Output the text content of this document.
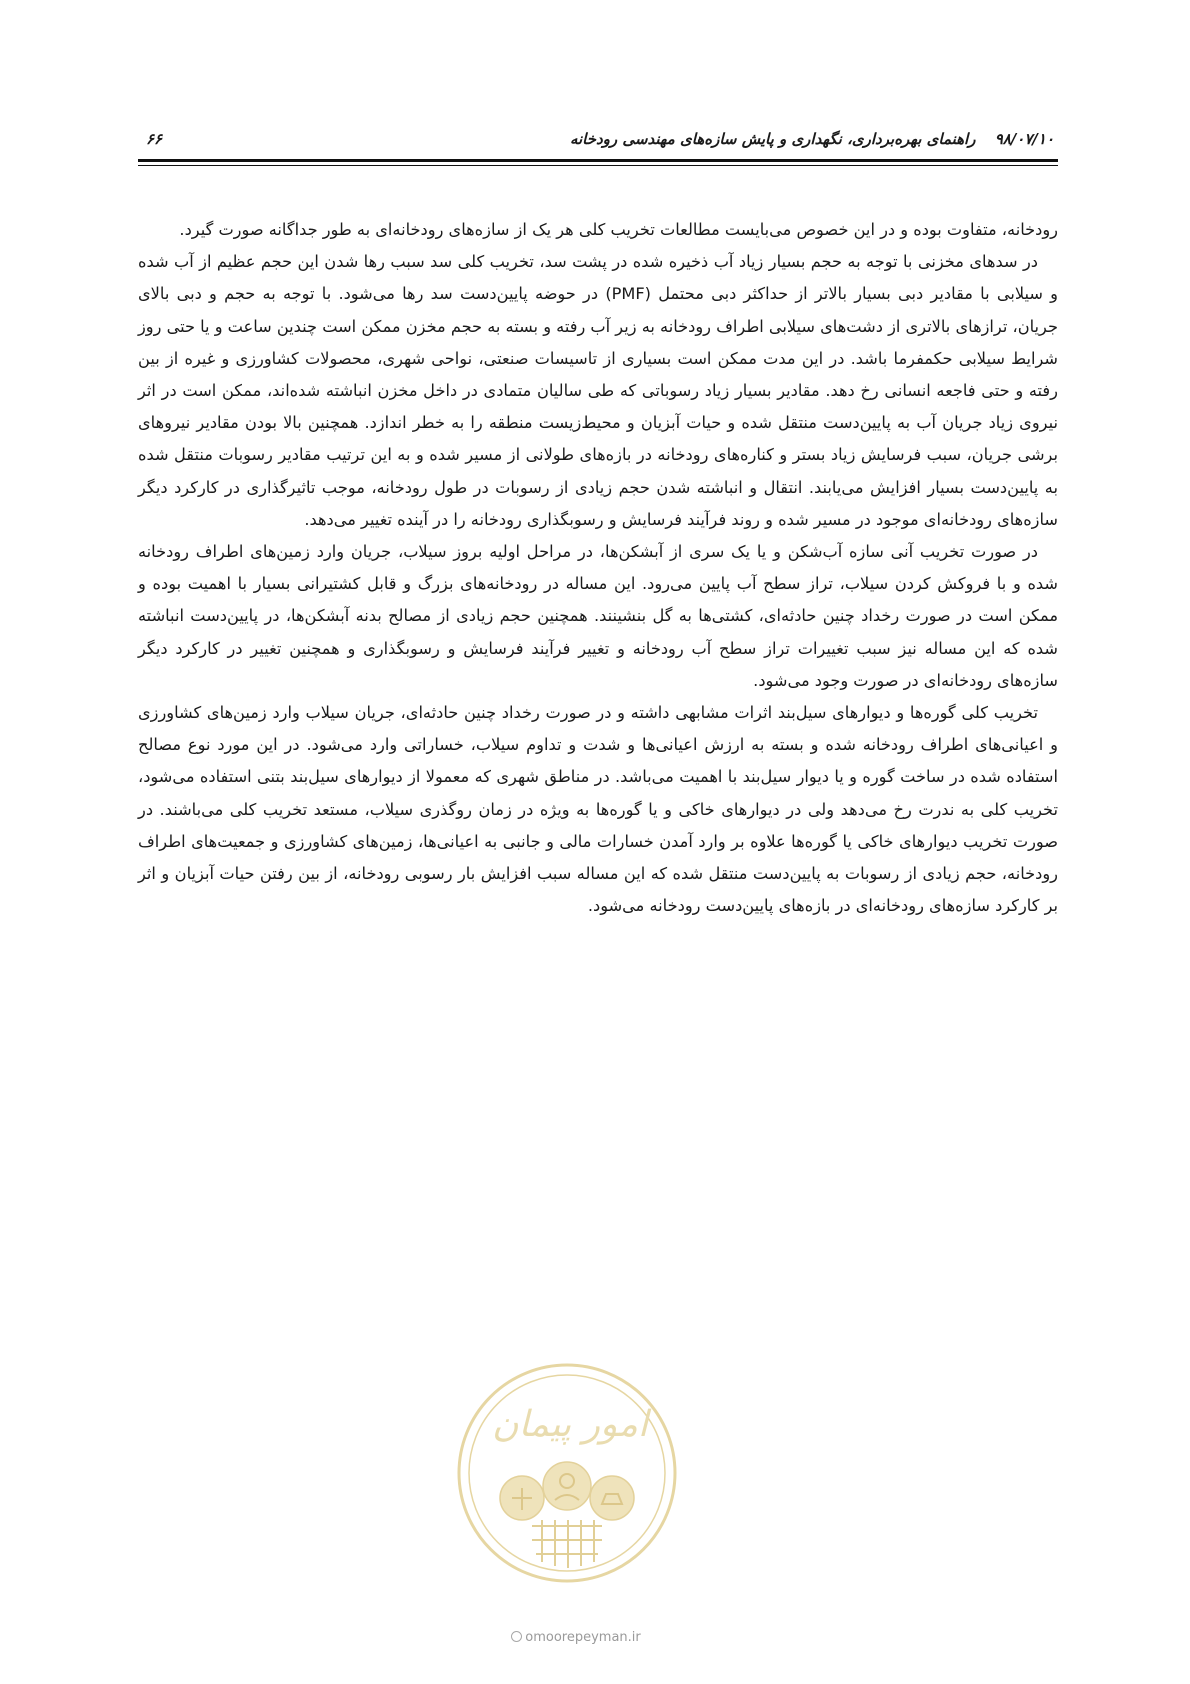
۶۶	۹۸/۰۷/۱۰ راهنمای بهره‌برداری، نگهداری و پایش سازه‌های مهندسی رودخانه

رودخانه، متفاوت بوده و در این خصوص می‌بایست مطالعات تخریب کلی هر یک از سازه‌های رودخانه‌ای به طور جداگانه صورت گیرد.

در سدهای مخزنی با توجه به حجم بسیار زیاد آب ذخیره شده در پشت سد، تخریب کلی سد سبب رها شدن این حجم عظیم از آب شده و سیلابی با مقادیر دبی بسیار بالاتر از حداکثر دبی محتمل (PMF) در حوضه پایین‌دست سد رها می‌شود. با توجه به حجم و دبی بالای جریان، ترازهای بالاتری از دشت‌های سیلابی اطراف رودخانه به زیر آب رفته و بسته به حجم مخزن ممکن است چندین ساعت و یا حتی روز شرایط سیلابی حکمفرما باشد. در این مدت ممکن است بسیاری از تاسیسات صنعتی، نواحی شهری، محصولات کشاورزی و غیره از بین رفته و حتی فاجعه انسانی رخ دهد. مقادیر بسیار زیاد رسوباتی که طی سالیان متمادی در داخل مخزن انباشته شده‌اند، ممکن است در اثر نیروی زیاد جریان آب به پایین‌دست منتقل شده و حیات آبزیان و محیط‌زیست منطقه را به خطر اندازد. همچنین بالا بودن مقادیر نیروهای برشی جریان، سبب فرسایش زیاد بستر و کناره‌های رودخانه در بازه‌های طولانی از مسیر شده و به این ترتیب مقادیر رسوبات منتقل شده به پایین‌دست بسیار افزایش می‌یابند. انتقال و انباشته شدن حجم زیادی از رسوبات در طول رودخانه، موجب تاثیرگذاری در کارکرد دیگر سازه‌های رودخانه‌ای موجود در مسیر شده و روند فرآیند فرسایش و رسوبگذاری رودخانه را در آینده تغییر می‌دهد.

در صورت تخریب آنی سازه آب‌شکن و یا یک سری از آبشکن‌ها، در مراحل اولیه بروز سیلاب، جریان وارد زمین‌های اطراف رودخانه شده و با فروکش کردن سیلاب، تراز سطح آب پایین می‌رود. این مساله در رودخانه‌های بزرگ و قابل کشتیرانی بسیار با اهمیت بوده و ممکن است در صورت رخداد چنین حادثه‌ای، کشتی‌ها به گل بنشینند. همچنین حجم زیادی از مصالح بدنه آبشکن‌ها، در پایین‌دست انباشته شده که این مساله نیز سبب تغییرات تراز سطح آب رودخانه و تغییر فرآیند فرسایش و رسوبگذاری و همچنین تغییر در کارکرد دیگر سازه‌های رودخانه‌ای در صورت وجود می‌شود.

تخریب کلی گوره‌ها و دیوارهای سیل‌بند اثرات مشابهی داشته و در صورت رخداد چنین حادثه‌ای، جریان سیلاب وارد زمین‌های کشاورزی و اعیانی‌های اطراف رودخانه شده و بسته به ارزش اعیانی‌ها و شدت و تداوم سیلاب، خساراتی وارد می‌شود. در این مورد نوع مصالح استفاده شده در ساخت گوره و یا دیوار سیل‌بند با اهمیت می‌باشد. در مناطق شهری که معمولا از دیوارهای سیل‌بند بتنی استفاده می‌شود، تخریب کلی به ندرت رخ می‌دهد ولی در دیوارهای خاکی و یا گوره‌ها به ویژه در زمان روگذری سیلاب، مستعد تخریب کلی می‌باشند. در صورت تخریب دیوارهای خاکی یا گوره‌ها علاوه بر وارد آمدن خسارات مالی و جانبی به اعیانی‌ها، زمین‌های کشاورزی و جمعیت‌های اطراف رودخانه، حجم زیادی از رسوبات به پایین‌دست منتقل شده که این مساله سبب افزایش بار رسوبی رودخانه، از بین رفتن حیات آبزیان و اثر بر کارکرد سازه‌های رودخانه‌ای در بازه‌های پایین‌دست رودخانه می‌شود.

امور پیمان
omoorepeyman.ir
